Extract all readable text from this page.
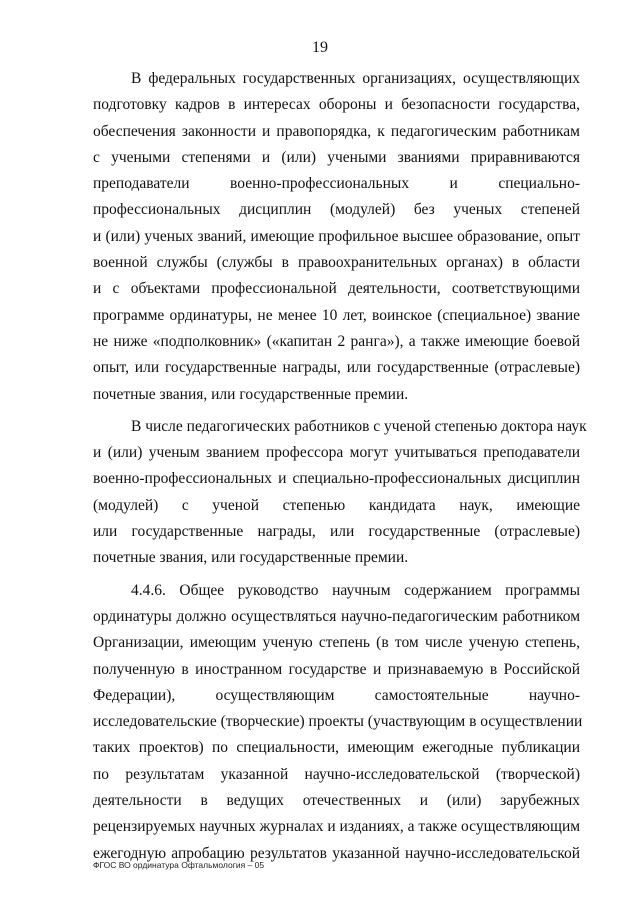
19
В федеральных государственных организациях, осуществляющих
подготовку кадров в интересах обороны и безопасности государства,
обеспечения законности и правопорядка, к педагогическим работникам
с учеными степенями и (или) учеными званиями приравниваются
преподаватели военно-профессиональных и специально-
профессиональных дисциплин (модулей) без ученых степеней
и (или) ученых званий, имеющие профильное высшее образование, опыт
военной службы (службы в правоохранительных органах) в области
и с объектами профессиональной деятельности, соответствующими
программе ординатуры, не менее 10 лет, воинское (специальное) звание
не ниже «подполковник» («капитан 2 ранга»), а также имеющие боевой
опыт, или государственные награды, или государственные (отраслевые)
почетные звания, или государственные премии.
В числе педагогических работников с ученой степенью доктора наук
и (или) ученым званием профессора могут учитываться преподаватели
военно-профессиональных и специально-профессиональных дисциплин
(модулей) с ученой степенью кандидата наук, имеющие
или государственные награды, или государственные (отраслевые)
почетные звания, или государственные премии.
4.4.6. Общее руководство научным содержанием программы
ординатуры должно осуществляться научно-педагогическим работником
Организации, имеющим ученую степень (в том числе ученую степень,
полученную в иностранном государстве и признаваемую в Российской
Федерации), осуществляющим самостоятельные научно-
исследовательские (творческие) проекты (участвующим в осуществлении
таких проектов) по специальности, имеющим ежегодные публикации
по результатам указанной научно-исследовательской (творческой)
деятельности в ведущих отечественных и (или) зарубежных
рецензируемых научных журналах и изданиях, а также осуществляющим
ежегодную апробацию результатов указанной научно-исследовательской
ФГОС ВО ординатура Офтальмология – 05
